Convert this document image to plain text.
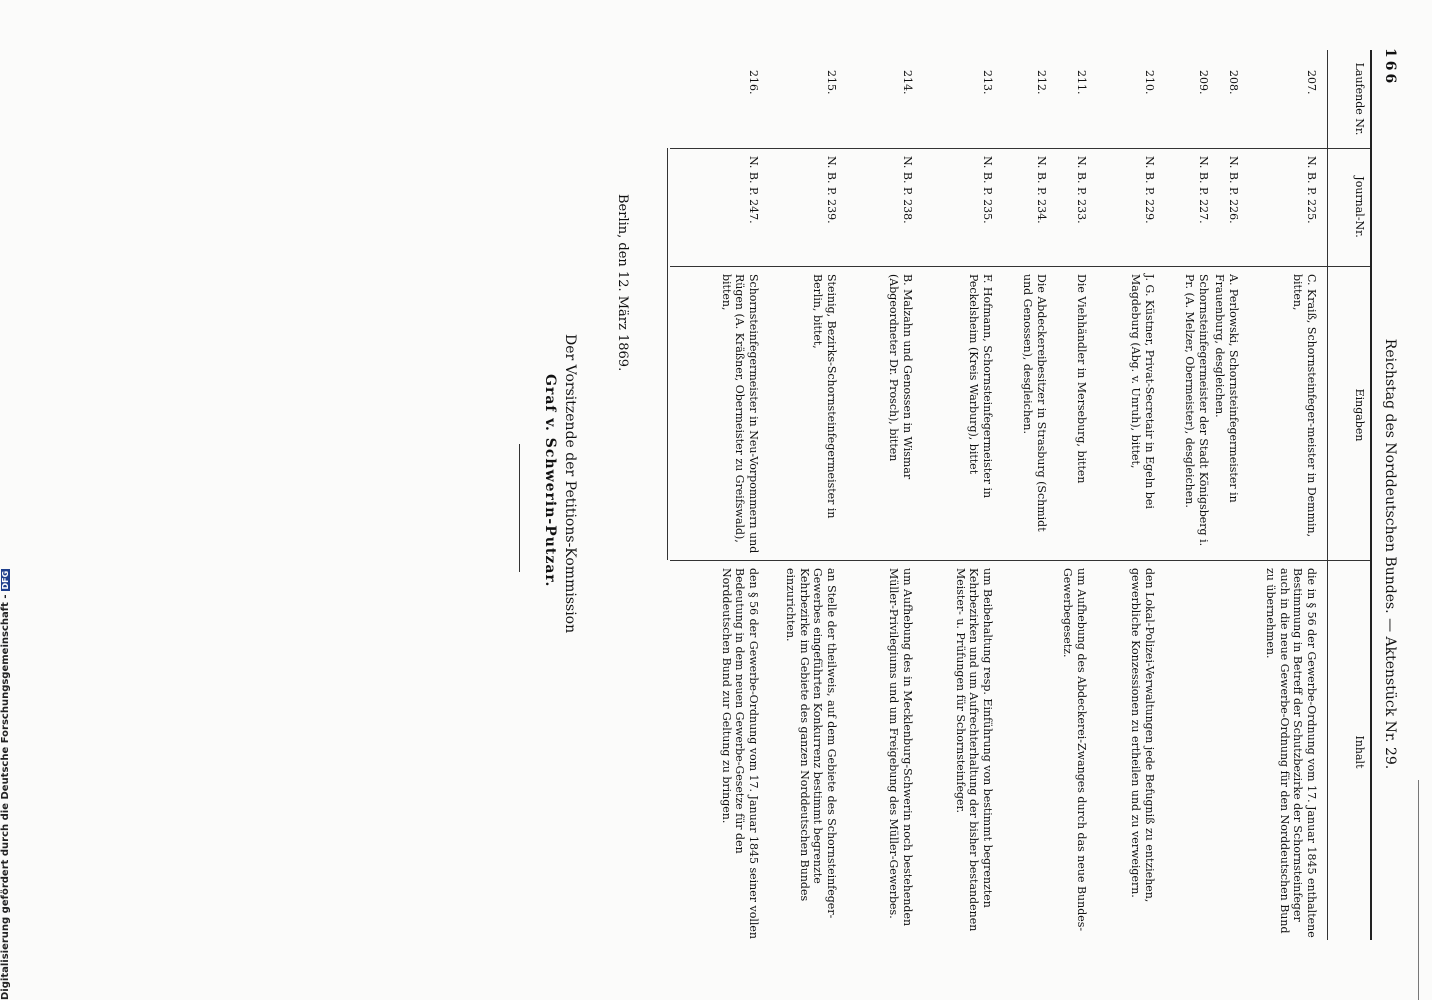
166
Reichstag des Norddeutschen Bundes. — Aktenstück Nr. 29.
Laufende Nr.
Journal-Nr.
Eingaben
Inhalt
207.
N. B. P. 225.
C. Kraiß, Schornsteinfeger-meister in Demmin, bitten,
die in § 56 der Gewerbe-Ordnung vom 17. Januar 1845 enthaltene Bestimmung in Betreff der Schutzbezirke der Schornsteinfeger auch in die neue Gewerbe-Ordnung für den Norddeutschen Bund zu übernehmen.
208.
N. B. P. 226.
A. Perlowski, Schornsteinfegermeister in Frauenburg, desgleichen.
209.
N. B. P. 227.
Schornsteinfegermeister der Stadt Königsberg i. Pr. (A. Melzer, Obermeister), desgleichen.
210.
N. B. P. 229.
J. G. Küstner, Privat-Secretair in Egeln bei Magdeburg (Abg. v. Unruh), bittet,
den Lokal-Polizei-Verwaltungen jede Befugniß zu entziehen, gewerbliche Konzessionen zu ertheilen und zu verweigern.
211.
N. B. P. 233.
Die Viehhändler in Merseburg, bitten
um Aufhebung des Abdeckerei-Zwanges durch das neue Bundes-Gewerbegesetz.
212.
N. B. P. 234.
Die Abdeckereibesitzer in Strasburg (Schmidt und Genossen), desgleichen.
213.
N. B. P. 235.
F. Hofmann, Schornsteinfegermeister in Peckelsheim (Kreis Warburg), bittet
um Beibehaltung resp. Einführung von bestimmt begrenzten Kehrbezirken und um Aufrechterhaltung der bisher bestandenen Meister- u. Prüfungen für Schornsteinfeger.
214.
N. B. P. 238.
B. Malzahn und Genossen in Wismar (Abgeordneter Dr. Prosch), bitten
um Aufhebung des in Mecklenburg-Schwerin noch bestehenden Müller-Privilegiums und um Freigebung des Müller-Gewerbes.
215.
N. B. P. 239.
Steinig, Bezirks-Schornsteinfegermeister in Berlin, bittet,
an Stelle der theilweis, auf dem Gebiete des Schornsteinfeger-Gewerbes eingeführten Konkurrenz bestimmt begrenzte Kehrbezirke im Gebiete des ganzen Norddeutschen Bundes einzurichten.
216.
N. B. P. 247.
Schornsteinfegermeister in Neu-Vorpommern und Rügen (A. Kräßner, Obermeister zu Greifswald), bitten,
den § 56 der Gewerbe-Ordnung vom 17. Januar 1845 seiner vollen Bedeutung in dem neuen Gewerbe-Gesetze für den Norddeutschen Bund zur Geltung zu bringen.
Berlin, den 12. März 1869.
Der Vorsitzende der Petitions-Kommission
Graf v. Schwerin-Putzar.
Digitalisierung gefördert durch die Deutsche Forschungsgemeinschaft -DFG
